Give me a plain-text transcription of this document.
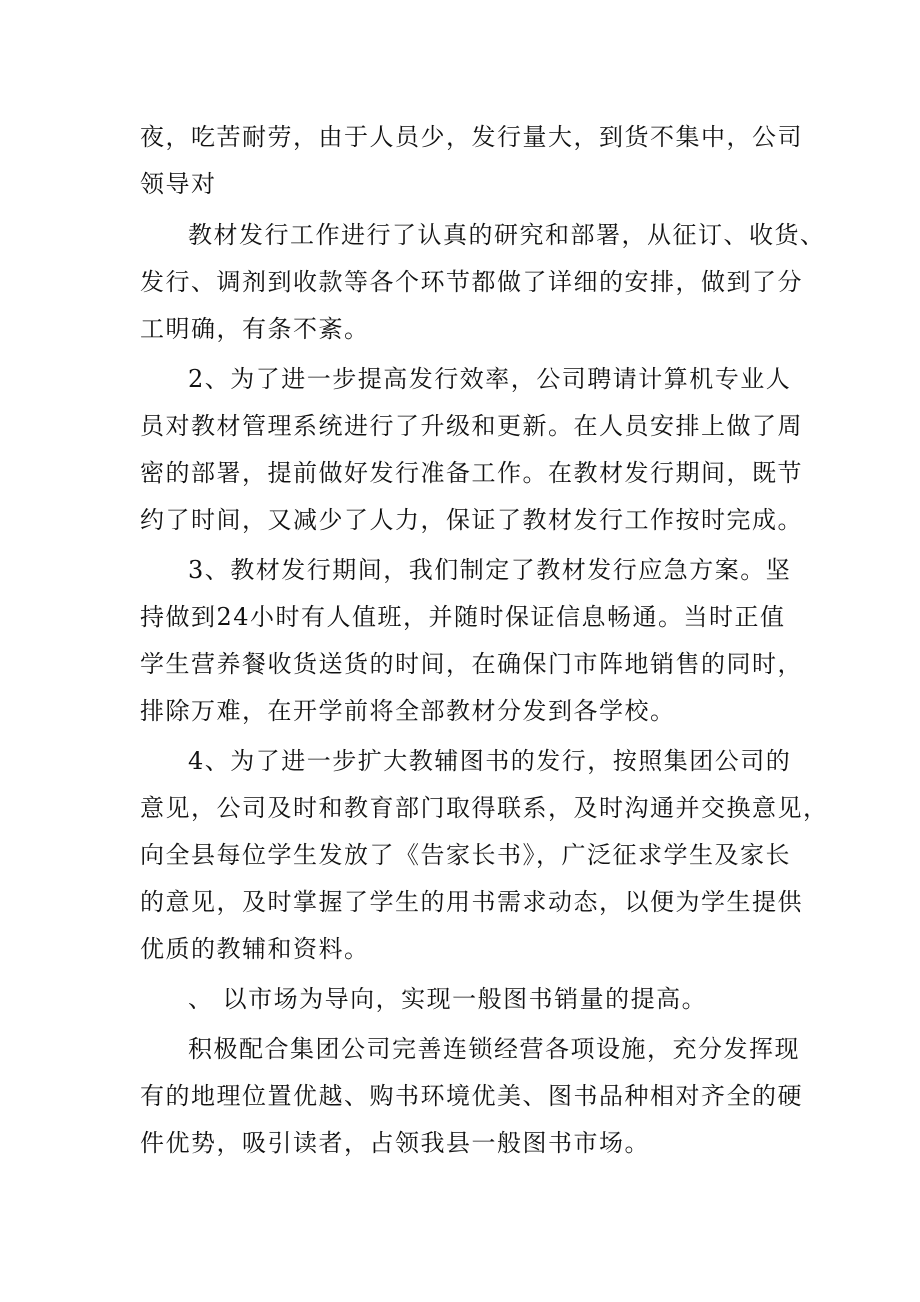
夜，吃苦耐劳，由于人员少，发行量大，到货不集中，公司
领导对
教材发行工作进行了认真的研究和部署，从征订、收货、
发行、调剂到收款等各个环节都做了详细的安排，做到了分
工明确，有条不紊。
2、为了进一步提高发行效率，公司聘请计算机专业人
员对教材管理系统进行了升级和更新。在人员安排上做了周
密的部署，提前做好发行准备工作。在教材发行期间，既节
约了时间，又减少了人力，保证了教材发行工作按时完成。
3、教材发行期间，我们制定了教材发行应急方案。坚
持做到24小时有人值班，并随时保证信息畅通。当时正值
学生营养餐收货送货的时间，在确保门市阵地销售的同时，
排除万难，在开学前将全部教材分发到各学校。
4、为了进一步扩大教辅图书的发行，按照集团公司的
意见，公司及时和教育部门取得联系，及时沟通并交换意见，
向全县每位学生发放了《告家长书》，广泛征求学生及家长
的意见，及时掌握了学生的用书需求动态，以便为学生提供
优质的教辅和资料。
、 以市场为导向，实现一般图书销量的提高。
积极配合集团公司完善连锁经营各项设施，充分发挥现
有的地理位置优越、购书环境优美、图书品种相对齐全的硬
件优势，吸引读者，占领我县一般图书市场。
